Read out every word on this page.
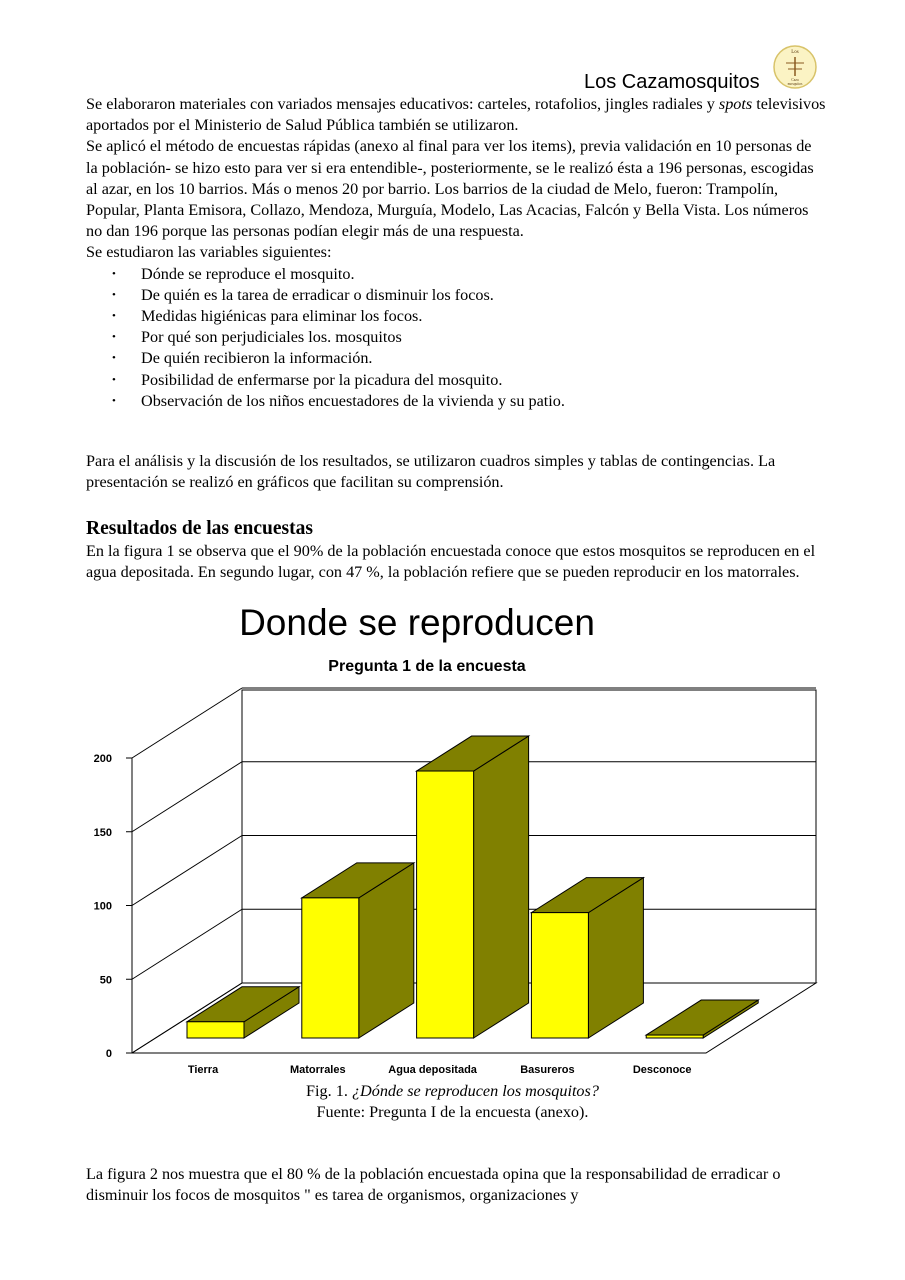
Los Cazamosquitos
Los
Caza
mosquitos

Se elaboraron materiales con variados mensajes educativos: carteles, rotafolios, jingles radiales y spots televisivos aportados por el Ministerio de Salud Pública también se utilizaron.

Se aplicó el método de encuestas rápidas (anexo al final para ver los items), previa validación en 10 personas de la población- se hizo esto para ver si era entendible-, posteriormente, se le realizó ésta a 196 personas, escogidas al azar, en los 10 barrios. Más o menos 20 por barrio. Los barrios de la ciudad de Melo, fueron: Trampolín, Popular, Planta Emisora, Collazo, Mendoza, Murguía, Modelo, Las Acacias, Falcón y Bella Vista. Los números no dan 196 porque las personas podían elegir más de una respuesta.

Se estudiaron las variables siguientes:

• Dónde se reproduce el mosquito.
• De quién es la tarea de erradicar o disminuir los focos.
• Medidas higiénicas para eliminar los focos.
• Por qué son perjudiciales los. mosquitos
• De quién recibieron la información.
• Posibilidad de enfermarse por la picadura del mosquito.
• Observación de los niños encuestadores de la vivienda y su patio.
Para el análisis y la discusión de los resultados, se utilizaron cuadros simples y tablas de contingencias. La presentación se realizó en gráficos que facilitan su comprensión.
Resultados de las encuestas
En la figura 1 se observa que el 90% de la población encuestada conoce que estos mosquitos se reproducen en el agua depositada. En segundo lugar, con 47 %, la población refiere que se pueden reproducir en los matorrales.
Donde se reproducen
Pregunta 1 de la encuesta
0
50
100
150
200
Tierra	Matorrales	Agua depositada	Basureros	Desconoce
Fig. 1. ¿Dónde se reproducen los mosquitos?
Fuente: Pregunta I de la encuesta (anexo).
La figura 2 nos muestra que el 80 % de la población encuestada opina que la responsabilidad de erradicar o disminuir los focos de mosquitos " es tarea de organismos, organizaciones y
